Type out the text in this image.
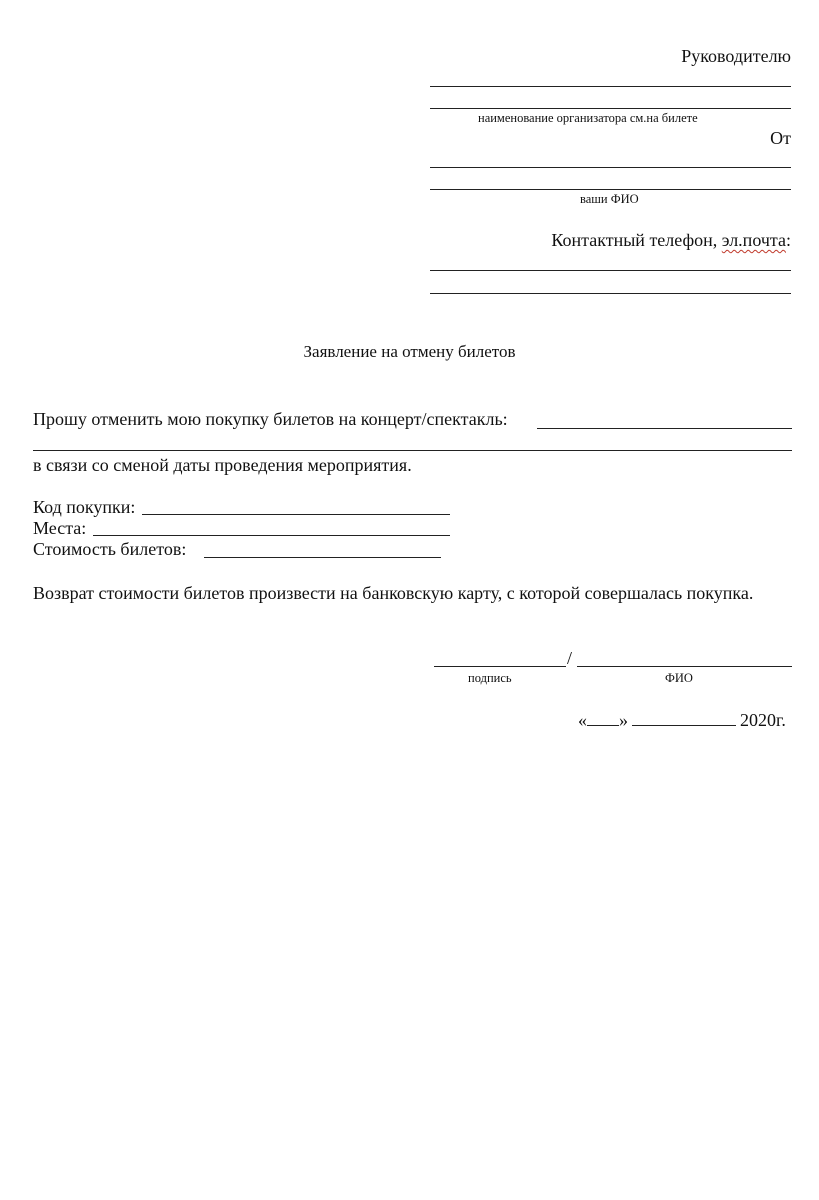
Руководителю
наименование организатора см.на билете
От
ваши ФИО
Контактный телефон, эл.почта:
Заявление на отмену билетов
Прошу отменить мою покупку билетов на концерт/спектакль:
в связи со сменой даты проведения мероприятия.
Код покупки:
Места:
Стоимость билетов:
Возврат стоимости билетов произвести на банковскую карту, с которой совершалась покупка.
/
подпись	ФИО
« »	2020г.
